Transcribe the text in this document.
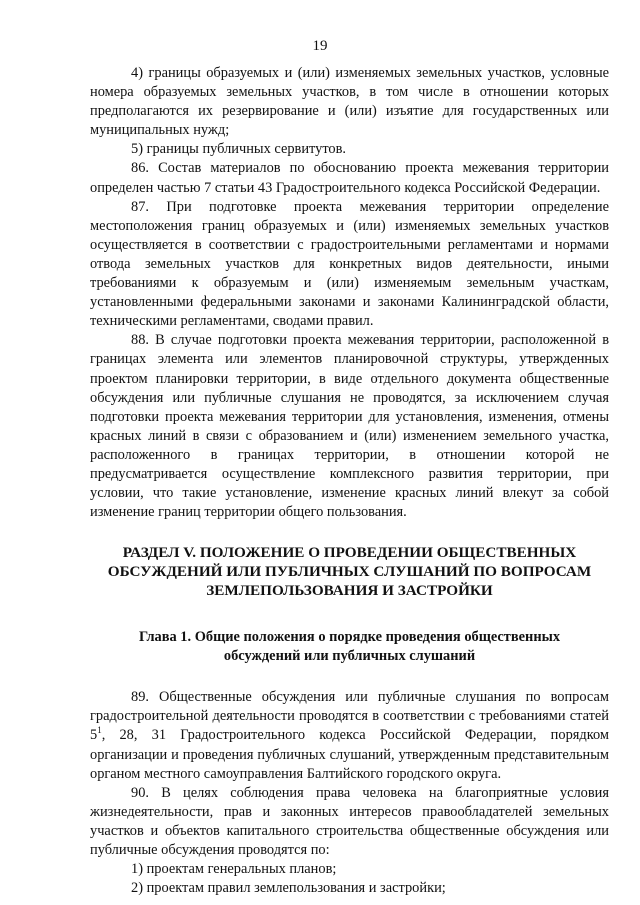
19

4) границы образуемых и (или) изменяемых земельных участков, условные номера образуемых земельных участков, в том числе в отношении которых предполагаются их резервирование и (или) изъятие для государственных или муниципальных нужд;

5) границы публичных сервитутов.

86. Состав материалов по обоснованию проекта межевания территории определен частью 7 статьи 43 Градостроительного кодекса Российской Федерации.

87. При подготовке проекта межевания территории определение местоположения границ образуемых и (или) изменяемых земельных участков осуществляется в соответствии с градостроительными регламентами и нормами отвода земельных участков для конкретных видов деятельности, иными требованиями к образуемым и (или) изменяемым земельным участкам, установленными федеральными законами и законами Калининградской области, техническими регламентами, сводами правил.

88. В случае подготовки проекта межевания территории, расположенной в границах элемента или элементов планировочной структуры, утвержденных проектом планировки территории, в виде отдельного документа общественные обсуждения или публичные слушания не проводятся, за исключением случая подготовки проекта межевания территории для установления, изменения, отмены красных линий в связи с образованием и (или) изменением земельного участка, расположенного в границах территории, в отношении которой не предусматривается осуществление комплексного развития территории, при условии, что такие установление, изменение красных линий влекут за собой изменение границ территории общего пользования.

РАЗДЕЛ V. ПОЛОЖЕНИЕ О ПРОВЕДЕНИИ ОБЩЕСТВЕННЫХ ОБСУЖДЕНИЙ ИЛИ ПУБЛИЧНЫХ СЛУШАНИЙ ПО ВОПРОСАМ ЗЕМЛЕПОЛЬЗОВАНИЯ И ЗАСТРОЙКИ
Глава 1. Общие положения о порядке проведения общественных обсуждений или публичных слушаний

89. Общественные обсуждения или публичные слушания по вопросам градостроительной деятельности проводятся в соответствии с требованиями статей $5^1$, 28, 31 Градостроительного кодекса Российской Федерации, порядком организации и проведения публичных слушаний, утвержденным представительным органом местного самоуправления Балтийского городского округа.

90. В целях соблюдения права человека на благоприятные условия жизнедеятельности, прав и законных интересов правообладателей земельных участков и объектов капитального строительства общественные обсуждения или публичные обсуждения проводятся по:

1) проектам генеральных планов;

2) проектам правил землепользования и застройки;
